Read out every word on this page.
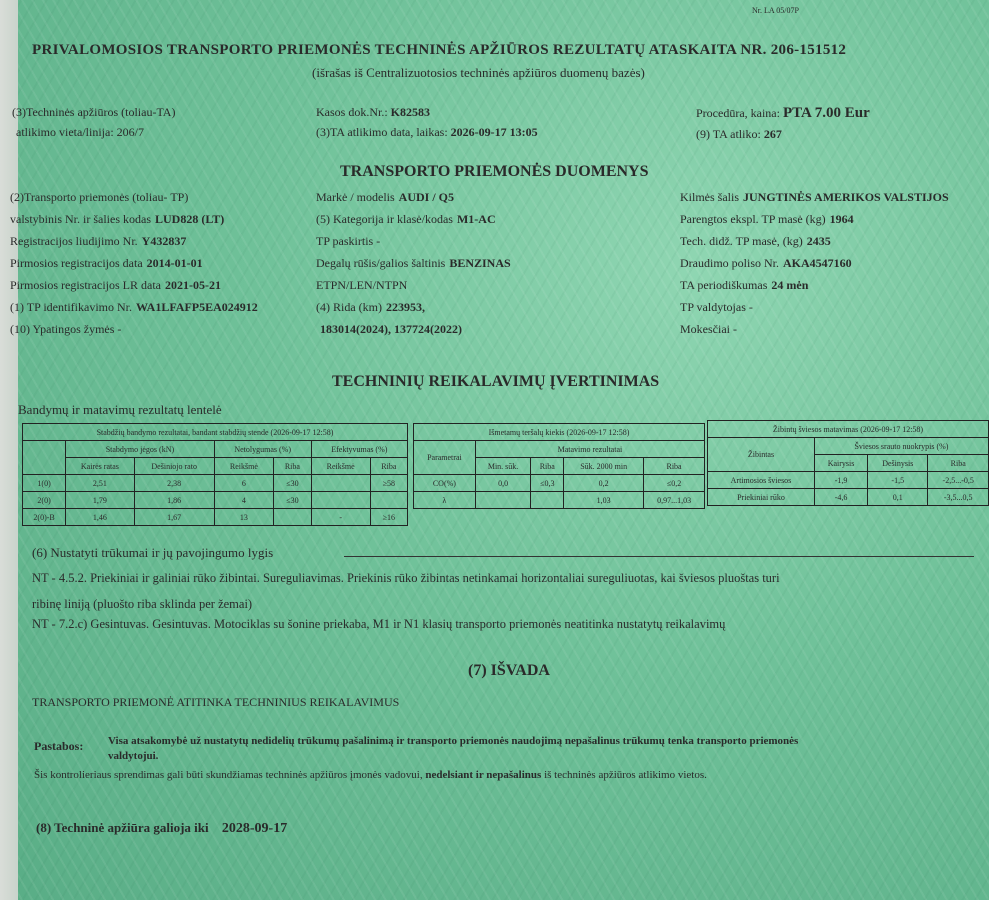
Nr. LA 05/07P
PRIVALOMOSIOS TRANSPORTO PRIEMONĖS TECHNINĖS APŽIŪROS REZULTATŲ ATASKAITA NR. 206-151512
(išrašas iš Centralizuotosios techninės apžiūros duomenų bazės)
(3)Techninės apžiūros (toliau-TA)
atlikimo vieta/linija: 206/7
Kasos dok.Nr.: K82583
(3)TA atlikimo data, laikas: 2026-09-17 13:05
Procedūra, kaina: PTA 7.00 Eur
(9) TA atliko: 267
TRANSPORTO PRIEMONĖS DUOMENYS
(2)Transporto priemonės (toliau- TP)
valstybinis Nr. ir šalies kodas LUD828 (LT)
Registracijos liudijimo Nr. Y432837
Pirmosios registracijos data 2014-01-01
Pirmosios registracijos LR data 2021-05-21
(1) TP identifikavimo Nr. WA1LFAFP5EA024912
(10) Ypatingos žymės -
Markė / modelis AUDI / Q5
(5) Kategorija ir klasė/kodas M1-AC
TP paskirtis -
Degalų rūšis/galios šaltinis BENZINAS
ETPN/LEN/NTPN
(4) Rida (km) 223953,
183014(2024), 137724(2022)
Kilmės šalis JUNGTINĖS AMERIKOS VALSTIJOS
Parengtos ekspl. TP masė (kg) 1964
Tech. didž. TP masė, (kg) 2435
Draudimo poliso Nr. AKA4547160
TA periodiškumas 24 mėn
TP valdytojas -
Mokesčiai -
TECHNINIŲ REIKALAVIMŲ ĮVERTINIMAS
Bandymų ir matavimų rezultatų lentelė
Stabdžių bandymo rezultatai, bandant stabdžių stende (2026-09-17 12:58)						
	Stabdymo jėgos (kN)		Netolygumas (%)		Efektyvumas (%)	
	Kairės ratas	Dešiniojo rato	Reikšmė	Riba	Reikšmė	Riba
1(0)	2,51	2,38	6	≤30		≥58
2(0)	1,79	1,86	4	≤30		
2(0)-B	1,46	1,67	13		-	≥16
Išmetamų teršalų kiekis (2026-09-17 12:58)				
Parametrai	Matavimo rezultatai			
	Min. sūk.	Riba	Sūk. 2000 min	Riba
CO(%)	0,0	≤0,3	0,2	≤0,2
λ			1,03	0,97...1,03
Žibintų šviesos matavimas (2026-09-17 12:58)			
Žibintas	Šviesos srauto nuokrypis (%)		
	Kairysis	Dešinysis	Riba
Artimosios šviesos	-1,9	-1,5	-2,5...-0,5
Priekiniai rūko	-4,6	0,1	-3,5...0,5
(6) Nustatyti trūkumai ir jų pavojingumo lygis
NT - 4.5.2. Priekiniai ir galiniai rūko žibintai. Sureguliavimas. Priekinis rūko žibintas netinkamai horizontaliai sureguliuotas, kai šviesos pluoštas turi
ribinę liniją (pluošto riba sklinda per žemai)
NT - 7.2.c) Gesintuvas. Gesintuvas. Motociklas su šonine priekaba, M1 ir N1 klasių transporto priemonės neatitinka nustatytų reikalavimų
(7) IŠVADA
TRANSPORTO PRIEMONĖ ATITINKA TECHNINIUS REIKALAVIMUS
Pastabos: Visa atsakomybė už nustatytų nedidelių trūkumų pašalinimą ir transporto priemonės naudojimą nepašalinus trūkumų tenka transporto priemonės
valdytojui.
Šis kontrolieriaus sprendimas gali būti skundžiamas techninės apžiūros įmonės vadovui, nedelsiant ir nepašalinus iš techninės apžiūros atlikimo vietos.
(8) Techninė apžiūra galioja iki 2028-09-17
